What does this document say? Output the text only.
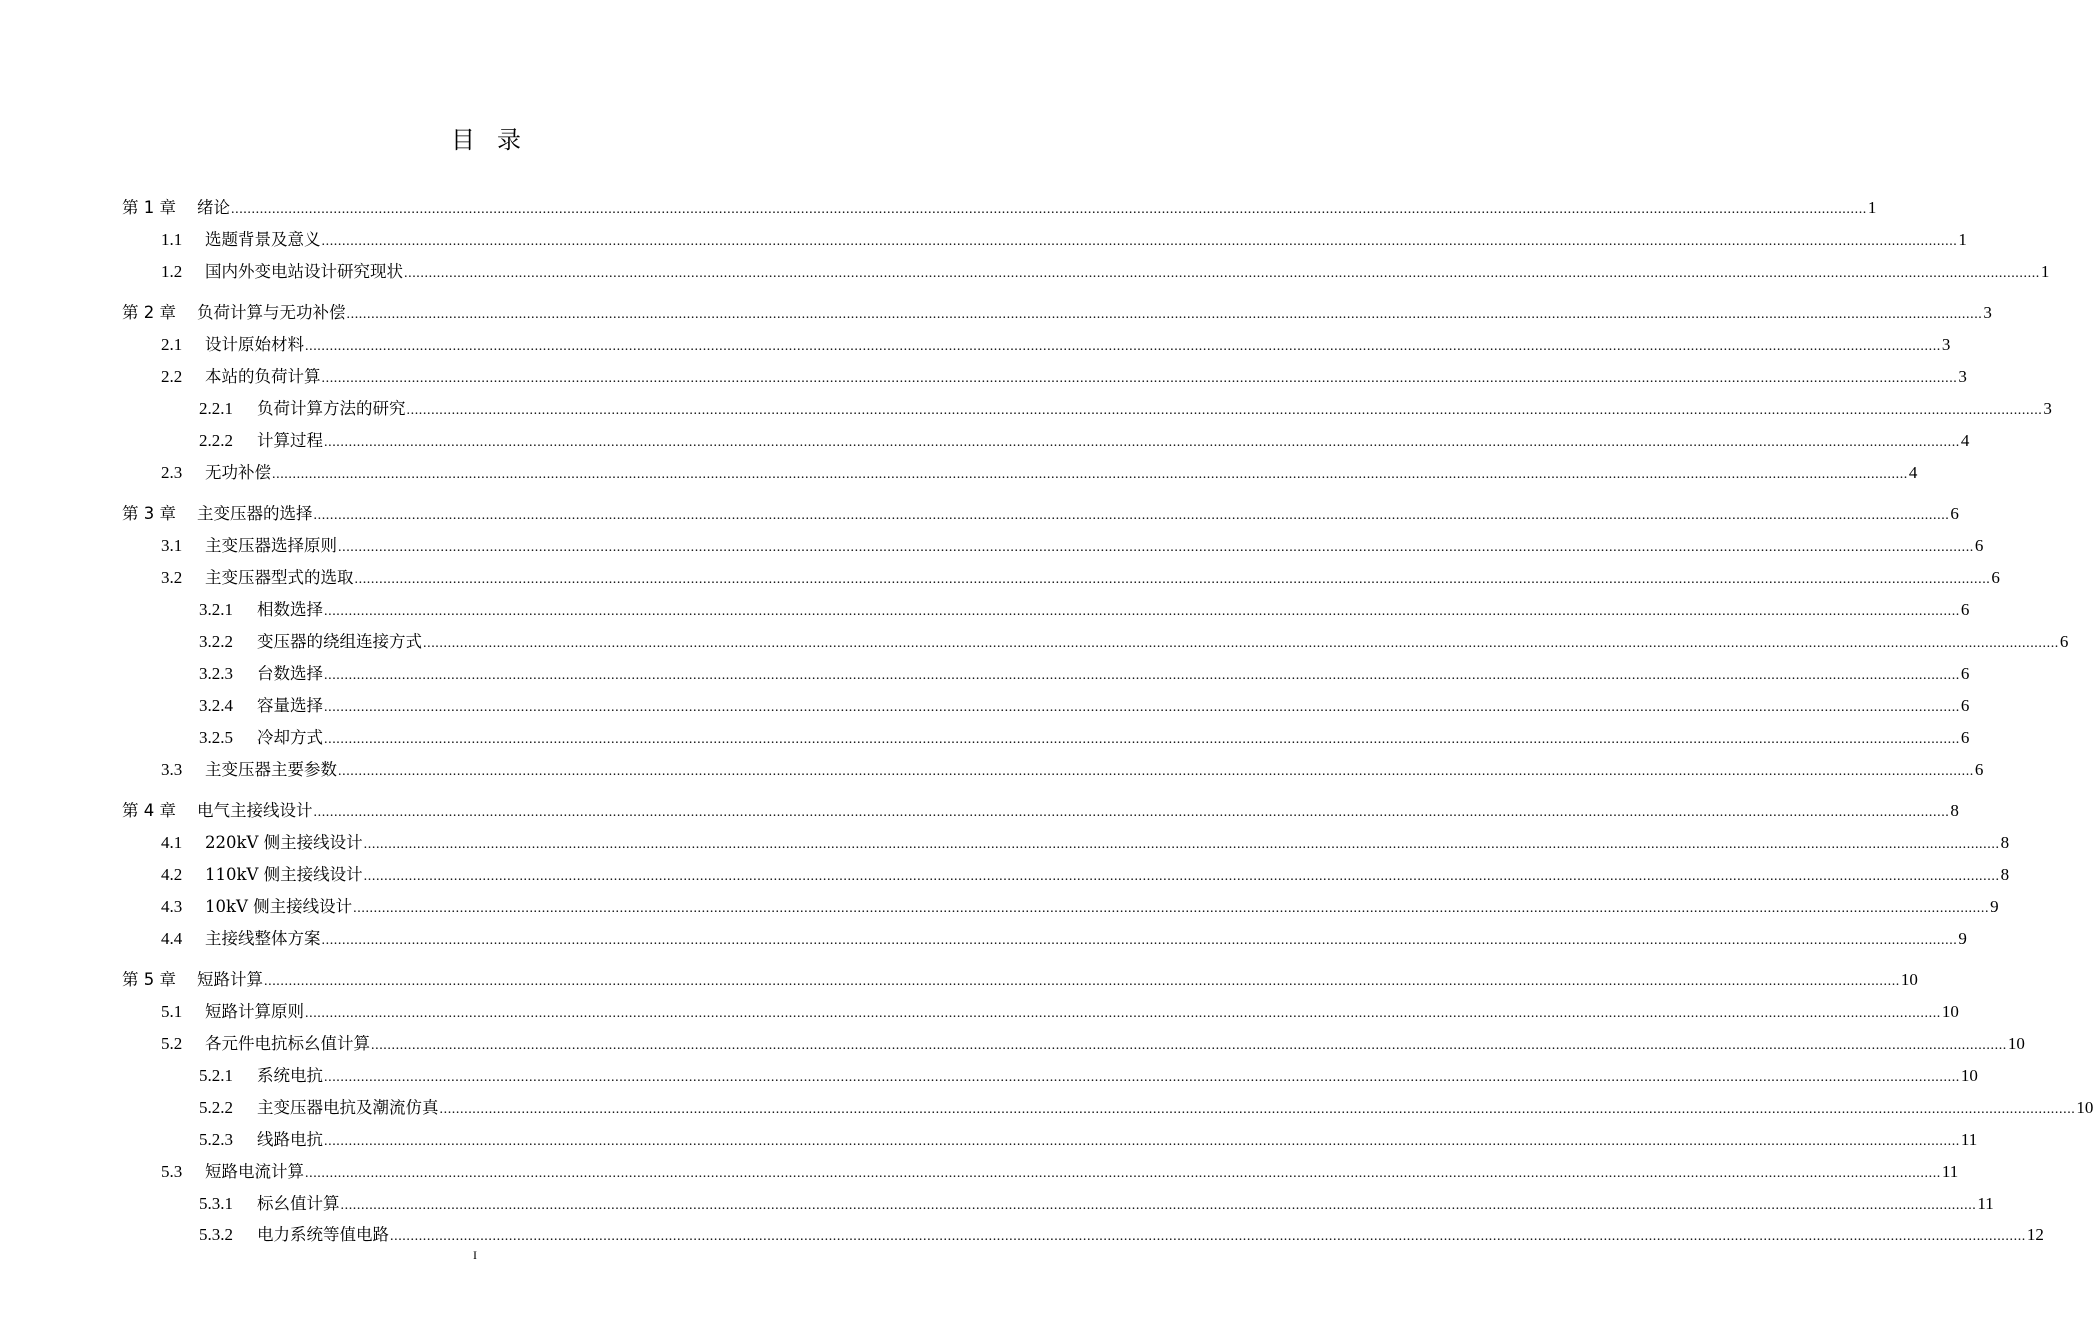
目录
第 1 章	绪论 ............................................................................................................................................................................................................................................................................................................................................................................................................... 1
1.1	选题背景及意义 ............................................................................................................................................................................................................................................................................................................................................................................................................... 1
1.2	国内外变电站设计研究现状 ............................................................................................................................................................................................................................................................................................................................................................................................................... 1
第 2 章	负荷计算与无功补偿 ............................................................................................................................................................................................................................................................................................................................................................................................................... 3
2.1	设计原始材料 ............................................................................................................................................................................................................................................................................................................................................................................................................... 3
2.2	本站的负荷计算 ............................................................................................................................................................................................................................................................................................................................................................................................................... 3
2.2.1	负荷计算方法的研究 ............................................................................................................................................................................................................................................................................................................................................................................................................... 3
2.2.2	计算过程 ............................................................................................................................................................................................................................................................................................................................................................................................................... 4
2.3	无功补偿 ............................................................................................................................................................................................................................................................................................................................................................................................................... 4
第 3 章	主变压器的选择 ............................................................................................................................................................................................................................................................................................................................................................................................................... 6
3.1	主变压器选择原则 ............................................................................................................................................................................................................................................................................................................................................................................................................... 6
3.2	主变压器型式的选取 ............................................................................................................................................................................................................................................................................................................................................................................................................... 6
3.2.1	相数选择 ............................................................................................................................................................................................................................................................................................................................................................................................................... 6
3.2.2	变压器的绕组连接方式 ............................................................................................................................................................................................................................................................................................................................................................................................................... 6
3.2.3	台数选择 ............................................................................................................................................................................................................................................................................................................................................................................................................... 6
3.2.4	容量选择 ............................................................................................................................................................................................................................................................................................................................................................................................................... 6
3.2.5	冷却方式 ............................................................................................................................................................................................................................................................................................................................................................................................................... 6
3.3	主变压器主要参数 ............................................................................................................................................................................................................................................................................................................................................................................................................... 6
第 4 章	电气主接线设计 ............................................................................................................................................................................................................................................................................................................................................................................................................... 8
4.1	220kV 侧主接线设计 ............................................................................................................................................................................................................................................................................................................................................................................................................... 8
4.2	110kV 侧主接线设计 ............................................................................................................................................................................................................................................................................................................................................................................................................... 8
4.3	10kV 侧主接线设计 ............................................................................................................................................................................................................................................................................................................................................................................................................... 9
4.4	主接线整体方案 ............................................................................................................................................................................................................................................................................................................................................................................................................... 9
第 5 章	短路计算 ............................................................................................................................................................................................................................................................................................................................................................................................................... 10
5.1	短路计算原则 ............................................................................................................................................................................................................................................................................................................................................................................................................... 10
5.2	各元件电抗标幺值计算 ............................................................................................................................................................................................................................................................................................................................................................................................................... 10
5.2.1	系统电抗 ............................................................................................................................................................................................................................................................................................................................................................................................................... 10
5.2.2	主变压器电抗及潮流仿真 ............................................................................................................................................................................................................................................................................................................................................................................................................... 10
5.2.3	线路电抗 ............................................................................................................................................................................................................................................................................................................................................................................................................... 11
5.3	短路电流计算 ............................................................................................................................................................................................................................................................................................................................................................................................................... 11
5.3.1	标幺值计算 ............................................................................................................................................................................................................................................................................................................................................................................................................... 11
5.3.2	电力系统等值电路 ............................................................................................................................................................................................................................................................................................................................................................................................................... 12
I
